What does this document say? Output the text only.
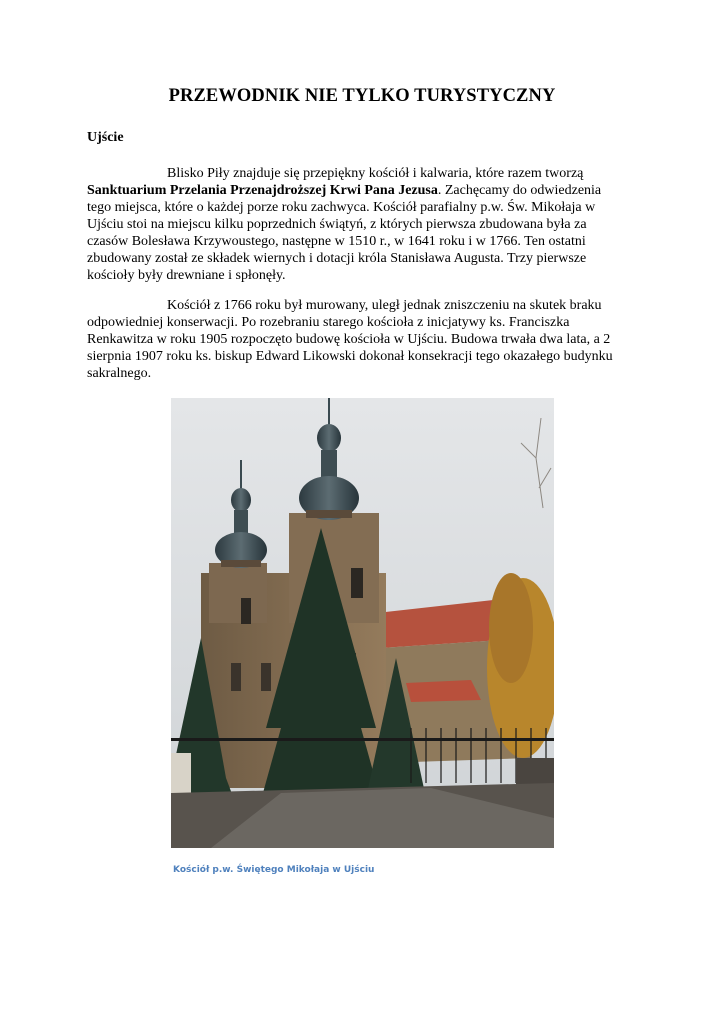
PRZEWODNIK NIE TYLKO TURYSTYCZNY
Ujście

Blisko Piły znajduje się przepiękny kościół i kalwaria, które razem tworzą
Sanktuarium Przelania Przenajdroższej Krwi Pana Jezusa. Zachęcamy do odwiedzenia
tego miejsca, które o każdej porze roku zachwyca. Kościół parafialny p.w. Św. Mikołaja w
Ujściu stoi na miejscu kilku poprzednich świątyń, z których pierwsza zbudowana była za
czasów Bolesława Krzywoustego, następne w 1510 r., w 1641 roku i w 1766. Ten ostatni
zbudowany został ze składek wiernych i dotacji króla Stanisława Augusta. Trzy pierwsze
kościoły były drewniane i spłonęły.

Kościół z 1766 roku był murowany, uległ jednak zniszczeniu na skutek braku
odpowiedniej konserwacji. Po rozebraniu starego kościoła z inicjatywy ks. Franciszka
Renkawitza w roku 1905 rozpoczęto budowę kościoła w Ujściu. Budowa trwała dwa lata, a 2
sierpnia 1907 roku ks. biskup Edward Likowski dokonał konsekracji tego okazałego budynku
sakralnego.

Kościół p.w. Świętego Mikołaja w Ujściu
